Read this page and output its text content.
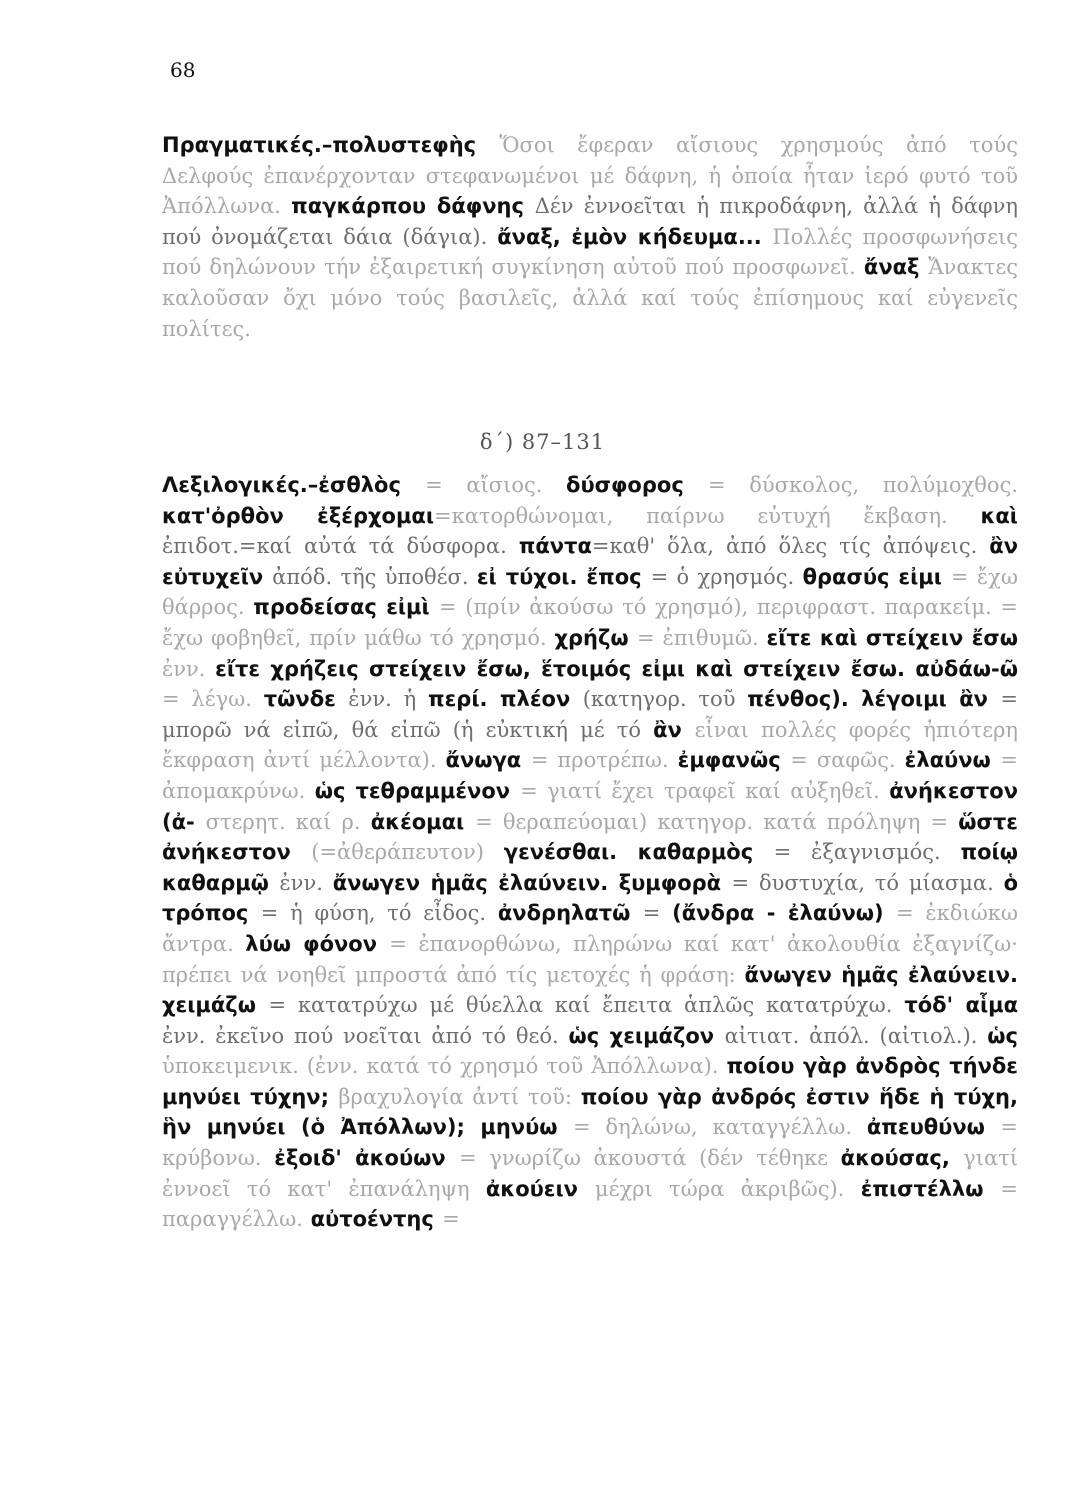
68
Πραγματικές.–πολυστεφὴς Ὅσοι ἔφεραν αἴσιους χρησμούς ἀπό τούς Δελφούς ἐπανέρχονταν στεφανωμένοι μέ δάφνη, ἡ ὁποία ἦταν ἱερό φυτό τοῦ Ἀπόλλωνα. παγκάρπου δάφνης Δέν ἐννοεῖται ἡ πικροδάφνη, ἀλλά ἡ δάφνη πού ὀνομάζεται δάια (δάγια). ἄναξ, ἐμὸν κήδευμα... Πολλές προσφωνήσεις πού δηλώνουν τήν ἐξαιρετική συγκίνηση αὐτοῦ πού προσφωνεῖ. ἄναξ Ἄνακτες καλοῦσαν ὄχι μόνο τούς βασιλεῖς, ἀλλά καί τούς ἐπίσημους καί εὐγενεῖς πολίτες.
δ΄) 87–131
Λεξιλογικές.–ἐσθλὸς = αἴσιος. δύσφορος = δύσκολος, πολύμοχθος. κατ'ὀρθὸν ἐξέρχομαι=κατορθώνομαι, παίρνω εὐτυχή ἔκβαση. καὶ ἐπιδοτ.=καί αὐτά τά δύσφορα. πάντα=καθ' ὅλα, ἀπό ὅλες τίς ἀπόψεις. ἂν εὐτυχεῖν ἀπόδ. τῆς ὑποθέσ. εἰ τύχοι. ἔπος = ὁ χρησμός. θρασύς εἰμι = ἔχω θάρρος. προδείσας εἰμὶ = (πρίν ἀκούσω τό χρησμό), περιφραστ. παρακείμ. = ἔχω φοβηθεῖ, πρίν μάθω τό χρησμό. χρήζω = ἐπιθυμῶ. εἴτε καὶ στείχειν ἔσω ἐνν. εἴτε χρήζεις στείχειν ἔσω, ἕτοιμός εἰμι καὶ στείχειν ἔσω. αὐδάω-ῶ = λέγω. τῶνδε ἐνν. ἡ περί. πλέον (κατηγορ. τοῦ πένθος). λέγοιμι ἂν = μπορῶ νά εἰπῶ, θά εἰπῶ (ἡ εὐκτική μέ τό ἂν εἶναι πολλές φορές ἠπιότερη ἔκφραση ἀντί μέλλοντα). ἄνωγα = προτρέπω. ἐμφανῶς = σαφῶς. ἐλαύνω = ἀπομακρύνω. ὡς τεθραμμένον = γιατί ἔχει τραφεῖ καί αὐξηθεῖ. ἀνήκεστον (ἀ- στερητ. καί ρ. ἀκέομαι = θεραπεύομαι) κατηγορ. κατά πρόληψη = ὥστε ἀνήκεστον (=ἀθεράπευτον) γενέσθαι. καθαρμὸς = ἐξαγνισμός. ποίῳ καθαρμῷ ἐνν. ἄνωγεν ἡμᾶς ἐλαύνειν. ξυμφορὰ = δυστυχία, τό μίασμα. ὁ τρόπος = ἡ φύση, τό εἶδος. ἀνδρηλατῶ = (ἄνδρα - ἐλαύνω) = ἐκδιώκω ἄντρα. λύω φόνον = ἐπανορθώνω, πληρώνω καί κατ' ἀκολουθία ἐξαγνίζω· πρέπει νά νοηθεῖ μπροστά ἀπό τίς μετοχές ἡ φράση: ἄνωγεν ἡμᾶς ἐλαύνειν. χειμάζω = κατατρύχω μέ θύελλα καί ἔπειτα ἁπλῶς κατατρύχω. τόδ' αἷμα ἐνν. ἐκεῖνο πού νοεῖται ἀπό τό θεό. ὡς χειμάζον αἰτιατ. ἀπόλ. (αἰτιολ.). ὡς ὑποκειμενικ. (ἐνν. κατά τό χρησμό τοῦ Ἀπόλλωνα). ποίου γὰρ ἀνδρὸς τήνδε μηνύει τύχην; βραχυλογία ἀντί τοῦ: ποίου γὰρ ἀνδρός ἐστιν ἥδε ἡ τύχη, ἣν μηνύει (ὁ Ἀπόλλων); μηνύω = δηλώνω, καταγγέλλω. ἀπευθύνω = κρύβονω. ἐξοιδ' ἀκούων = γνωρίζω ἀκουστά (δέν τέθηκε ἀκούσας, γιατί ἐννοεῖ τό κατ' ἐπανάληψη ἀκούειν μέχρι τώρα ἀκριβῶς). ἐπιστέλλω = παραγγέλλω. αὐτοέντης =
